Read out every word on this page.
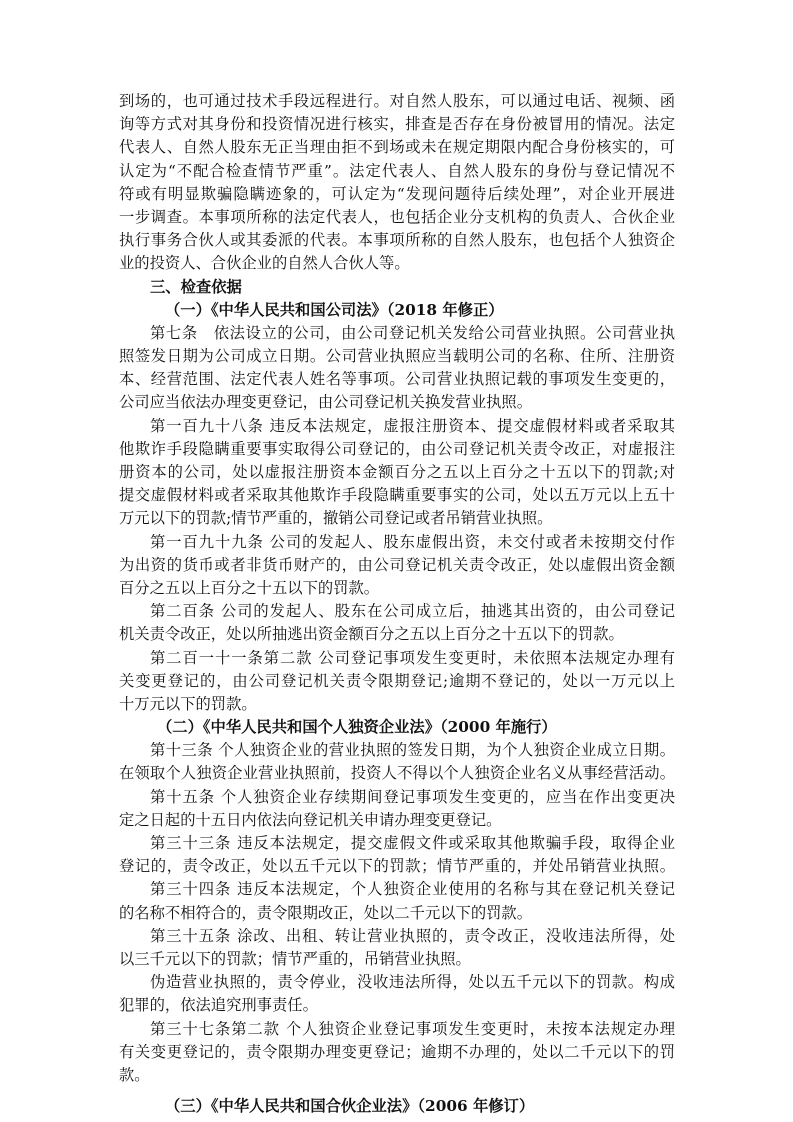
到场的，也可通过技术手段远程进行。对自然人股东，可以通过电话、视频、函
询等方式对其身份和投资情况进行核实，排查是否存在身份被冒用的情况。法定
代表人、自然人股东无正当理由拒不到场或未在规定期限内配合身份核实的，可
认定为“不配合检查情节严重”。法定代表人、自然人股东的身份与登记情况不
符或有明显欺骗隐瞒迹象的，可认定为“发现问题待后续处理”，对企业开展进
一步调查。本事项所称的法定代表人，也包括企业分支机构的负责人、合伙企业
执行事务合伙人或其委派的代表。本事项所称的自然人股东，也包括个人独资企
业的投资人、合伙企业的自然人合伙人等。
三、检查依据
（一）《中华人民共和国公司法》（2018 年修正）
第七条　依法设立的公司，由公司登记机关发给公司营业执照。公司营业执
照签发日期为公司成立日期。公司营业执照应当载明公司的名称、住所、注册资
本、经营范围、法定代表人姓名等事项。公司营业执照记载的事项发生变更的，
公司应当依法办理变更登记，由公司登记机关换发营业执照。
第一百九十八条 违反本法规定，虚报注册资本、提交虚假材料或者采取其
他欺诈手段隐瞒重要事实取得公司登记的，由公司登记机关责令改正，对虚报注
册资本的公司，处以虚报注册资本金额百分之五以上百分之十五以下的罚款;对
提交虚假材料或者采取其他欺诈手段隐瞒重要事实的公司，处以五万元以上五十
万元以下的罚款;情节严重的，撤销公司登记或者吊销营业执照。
第一百九十九条 公司的发起人、股东虚假出资，未交付或者未按期交付作
为出资的货币或者非货币财产的，由公司登记机关责令改正，处以虚假出资金额
百分之五以上百分之十五以下的罚款。
第二百条 公司的发起人、股东在公司成立后，抽逃其出资的，由公司登记
机关责令改正，处以所抽逃出资金额百分之五以上百分之十五以下的罚款。
第二百一十一条第二款 公司登记事项发生变更时，未依照本法规定办理有
关变更登记的，由公司登记机关责令限期登记;逾期不登记的，处以一万元以上
十万元以下的罚款。
（二）《中华人民共和国个人独资企业法》（2000 年施行）
第十三条 个人独资企业的营业执照的签发日期，为个人独资企业成立日期。
在领取个人独资企业营业执照前，投资人不得以个人独资企业名义从事经营活动。
第十五条 个人独资企业存续期间登记事项发生变更的，应当在作出变更决
定之日起的十五日内依法向登记机关申请办理变更登记。
第三十三条 违反本法规定，提交虚假文件或采取其他欺骗手段，取得企业
登记的，责令改正，处以五千元以下的罚款；情节严重的，并处吊销营业执照。
第三十四条 违反本法规定，个人独资企业使用的名称与其在登记机关登记
的名称不相符合的，责令限期改正，处以二千元以下的罚款。
第三十五条 涂改、出租、转让营业执照的，责令改正，没收违法所得，处
以三千元以下的罚款；情节严重的，吊销营业执照。
伪造营业执照的，责令停业，没收违法所得，处以五千元以下的罚款。构成
犯罪的，依法追究刑事责任。
第三十七条第二款 个人独资企业登记事项发生变更时，未按本法规定办理
有关变更登记的，责令限期办理变更登记；逾期不办理的，处以二千元以下的罚
款。
（三）《中华人民共和国合伙企业法》（2006 年修订）
